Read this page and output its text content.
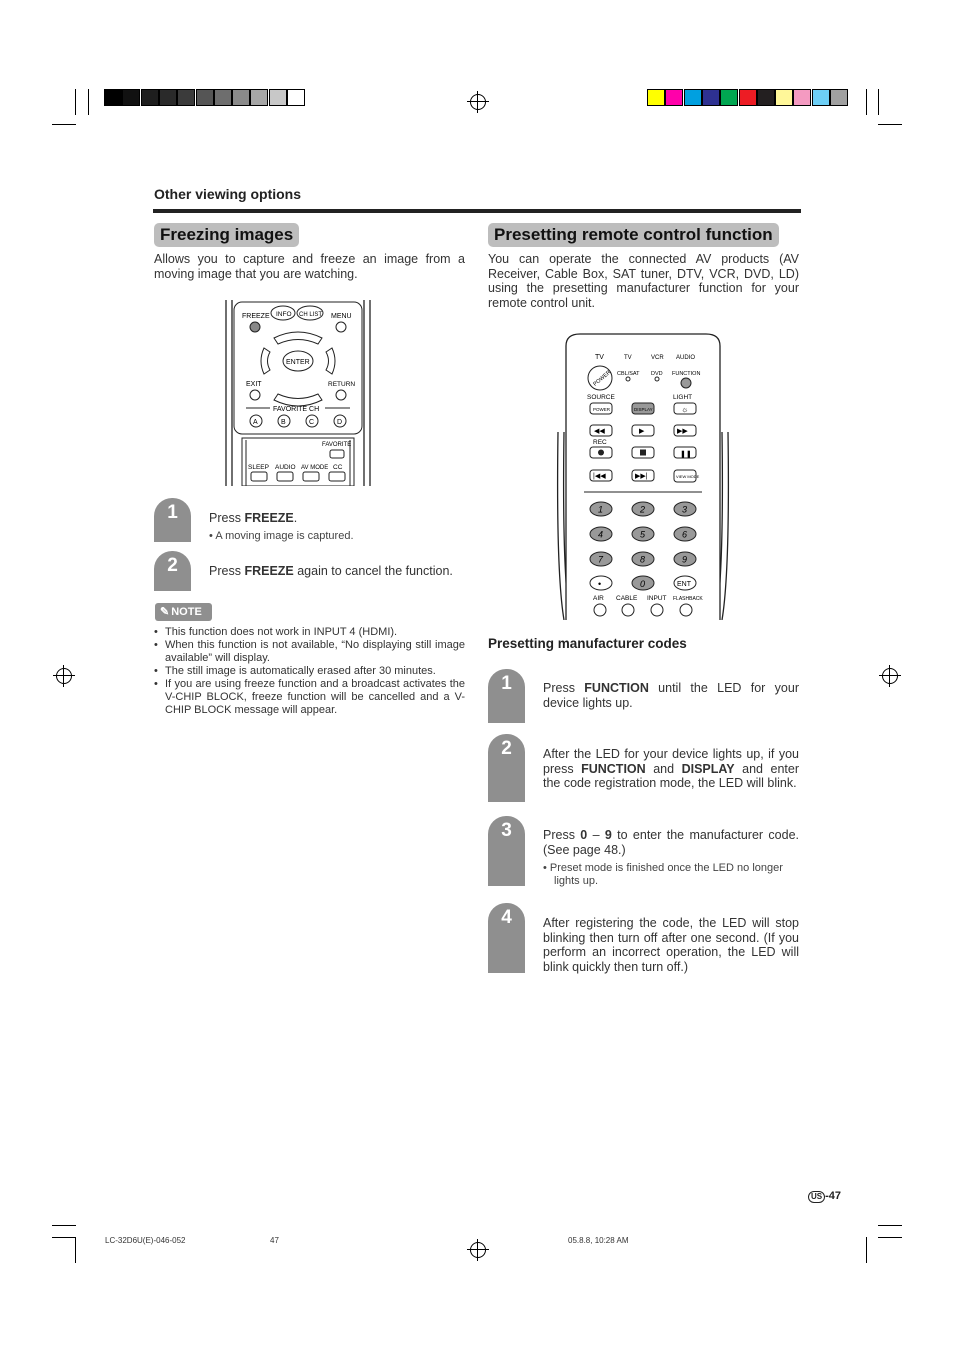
Other viewing options
Freezing images
Allows you to capture and freeze an image from a moving image that you are watching.
FREEZE INFO CH LIST MENU
ENTER
EXIT	RETURN
FAVORITE CH
A	B	C	D
FAVORITE
SLEEP AUDIO AV MODE CC
1	Press FREEZE.
• A moving image is captured.
2	Press FREEZE again to cancel the function.
✎ NOTE
• This function does not work in INPUT 4 (HDMI).
• When this function is not available, “No displaying still image available” will display.
• The still image is automatically erased after 30 minutes.
• If you are using freeze function and a broadcast activates the V-CHIP BLOCK, freeze function will be cancelled and a V-CHIP BLOCK message will appear.
Presetting remote control function
You can operate the connected AV products (AV Receiver, Cable Box, SAT tuner, DTV, VCR, DVD, LD) using the presetting manufacturer function for your remote control unit.
TV	TV	VCR AUDIO
POWER CBL/SAT DVD FUNCTION
SOURCE
POWER	DISPLAY
LIGHT
☼
◀◀	▶	▶▶
REC
❚❚
|◀◀	▶▶|	VIEW MODE
1	2	3
4	5	6
7	8	9
•	0	ENT
AIR CABLE INPUT FLASHBACK
Presetting manufacturer codes
1	Press FUNCTION until the LED for your device lights up.
2	After the LED for your device lights up, if you press FUNCTION and DISPLAY and enter the code registration mode, the LED will blink.
3	Press 0 – 9 to enter the manufacturer code. (See page 48.)
• Preset mode is finished once the LED no longer lights up.
4	After registering the code, the LED will stop blinking then turn off after one second. (If you perform an incorrect operation, the LED will blink quickly then turn off.)
US -47
LC-32D6U(E)-046-052	47	05.8.8, 10:28 AM
